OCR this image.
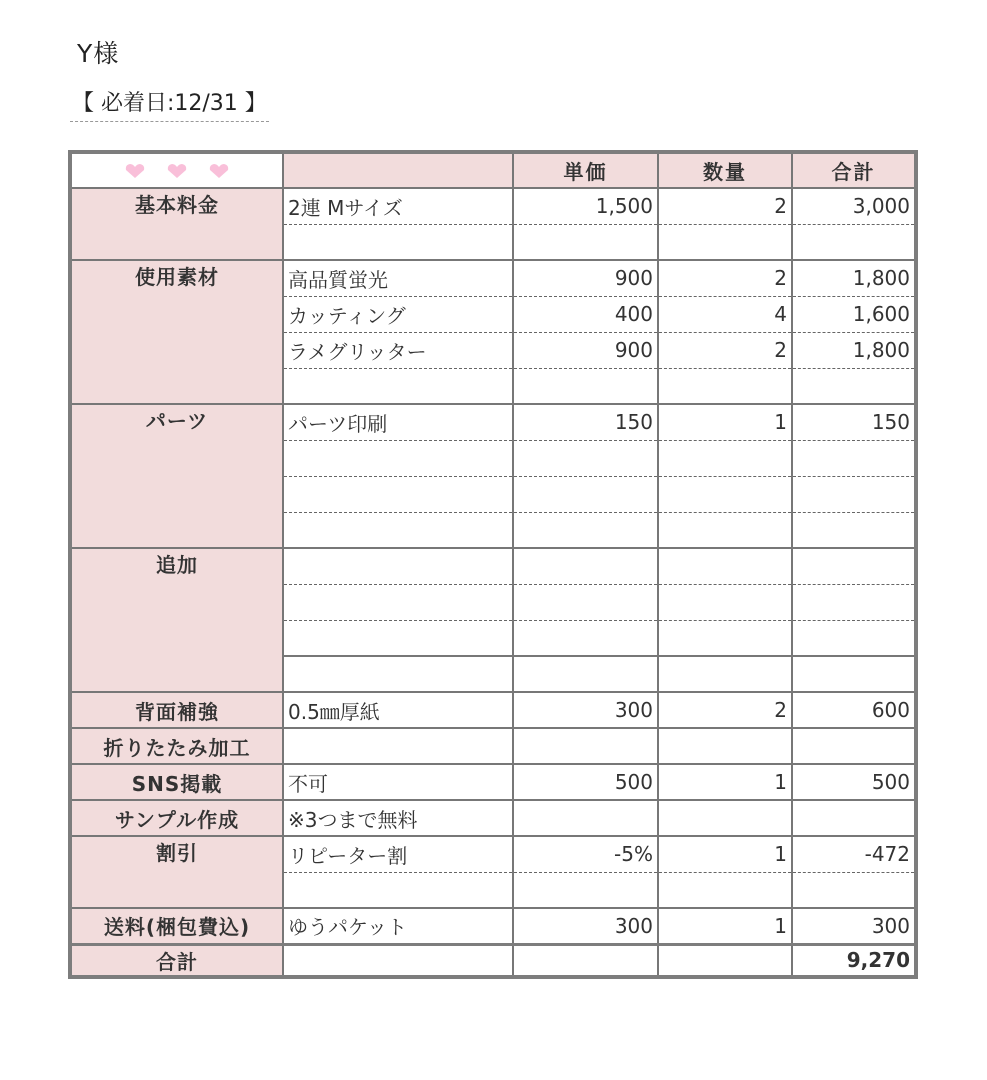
Y様
【 必着日:12/31 】
		単価	数量	合計
基本料金	2連 Mサイズ	1,500	2	3,000

使用素材	高品質蛍光	900	2	1,800
	カッティング	400	4	1,600
	ラメグリッター	900	2	1,800

パーツ	パーツ印刷	150	1	150

追加				

背面補強	0.5㎜厚紙	300	2	600
折りたたみ加工				
SNS掲載	不可	500	1	500
サンプル作成	※3つまで無料			
割引	リピーター割	-5%	1	-472

送料(梱包費込)	ゆうパケット	300	1	300
合計				9,270
